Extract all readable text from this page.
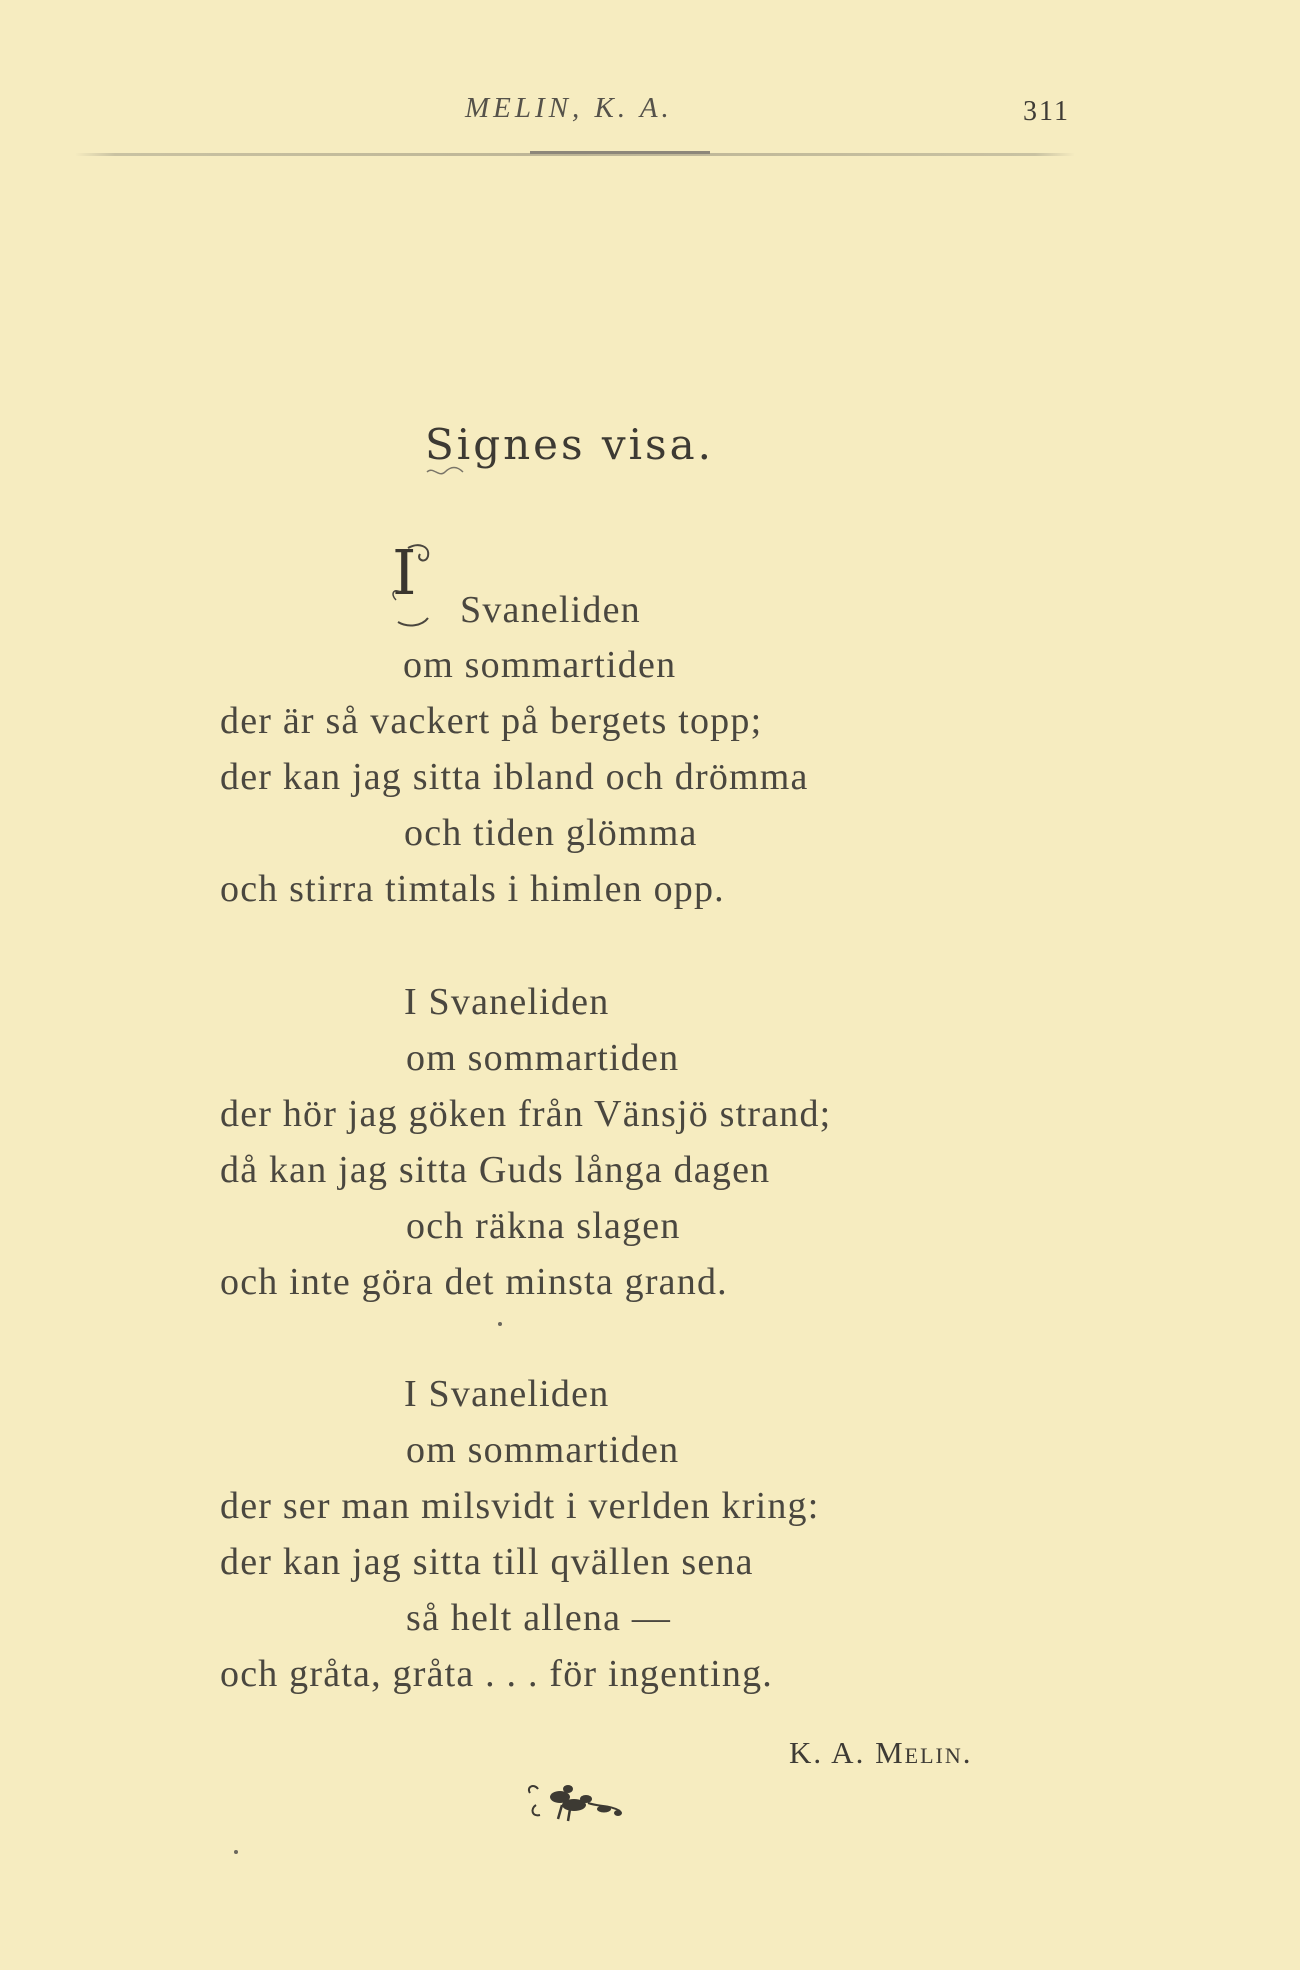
MELIN, K. A.	311
Signes visa.
I
Svaneliden
om sommartiden
der är så vackert på bergets topp;
der kan jag sitta ibland och drömma
och tiden glömma
och stirra timtals i himlen opp.
I Svaneliden
om sommartiden
der hör jag göken från Vänsjö strand;
då kan jag sitta Guds långa dagen
och räkna slagen
och inte göra det minsta grand.
I Svaneliden
om sommartiden
der ser man milsvidt i verlden kring:
der kan jag sitta till qvällen sena
så helt allena —
och gråta, gråta . . . för ingenting.
K. A. Melin.
